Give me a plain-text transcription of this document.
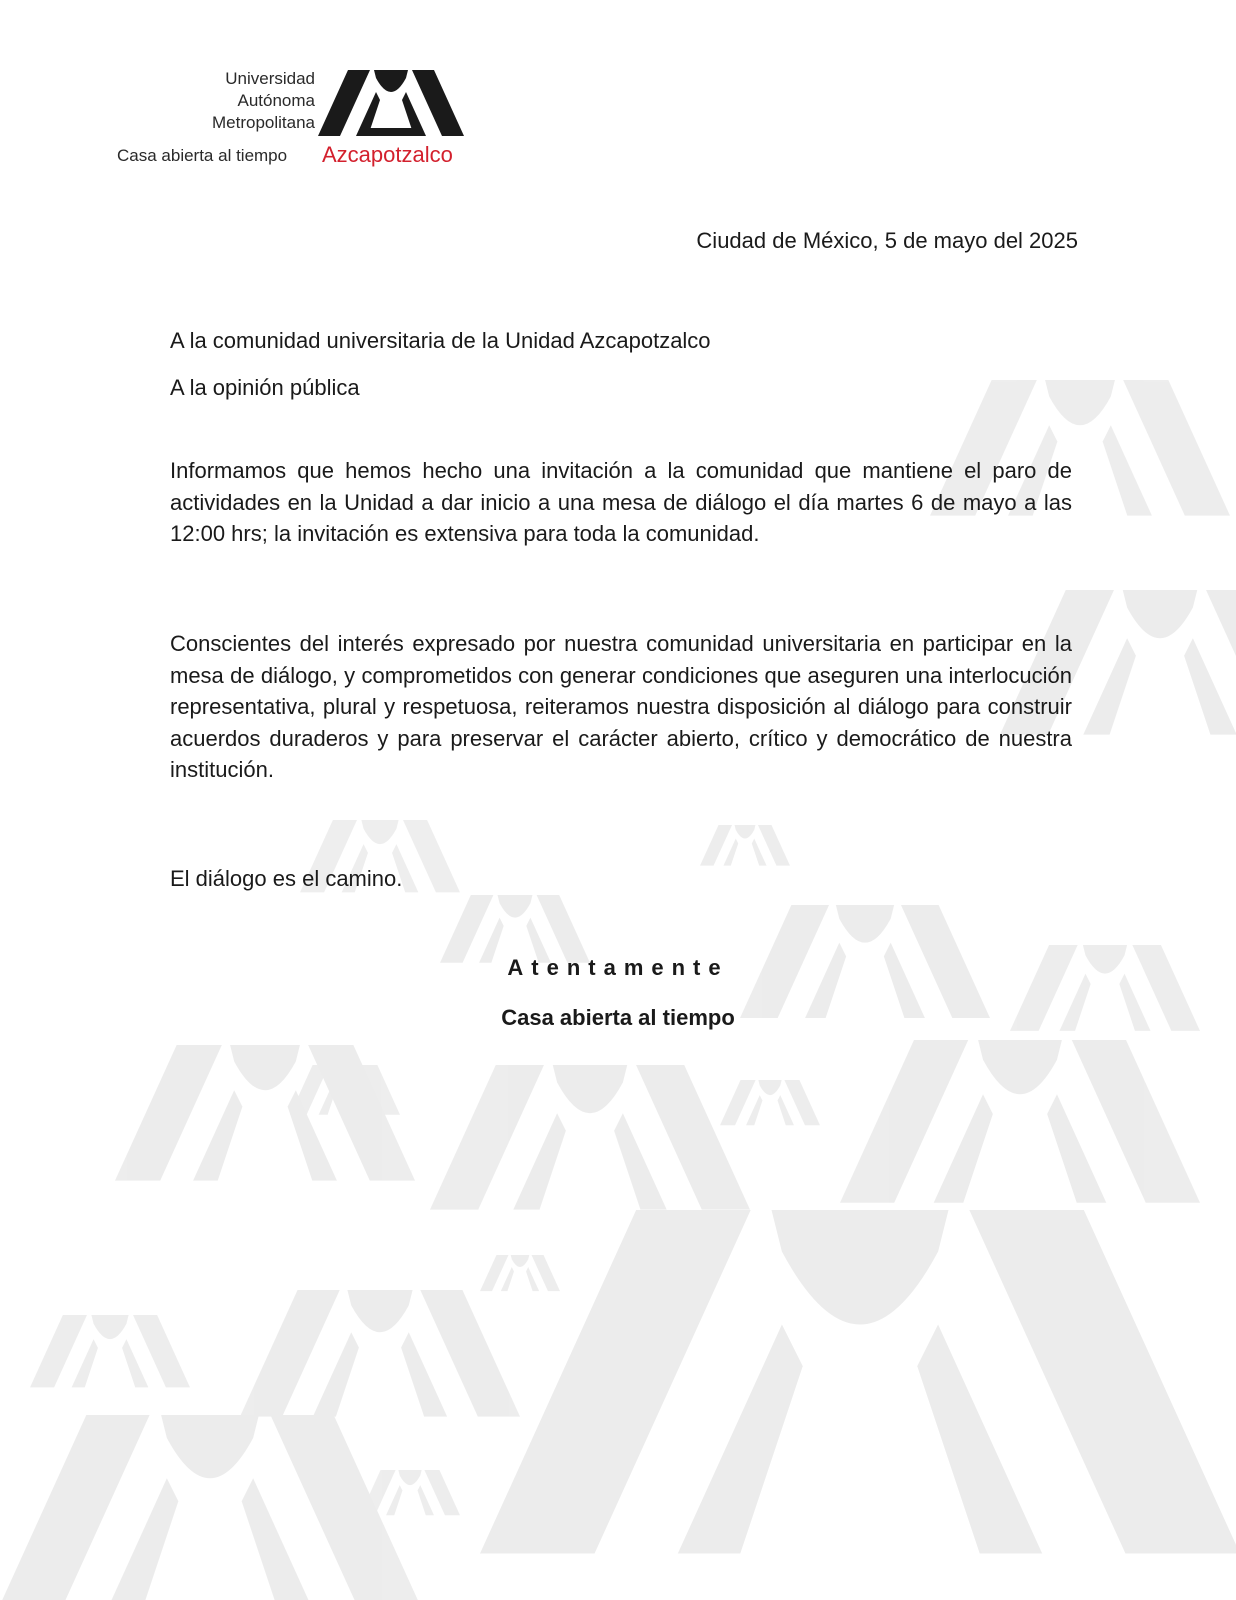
Universidad
Autónoma
Metropolitana
Casa abierta al tiempo Azcapotzalco
Ciudad de México, 5 de mayo del 2025
A la comunidad universitaria de la Unidad Azcapotzalco
A la opinión pública
Informamos que hemos hecho una invitación a la comunidad que mantiene el paro de actividades en la Unidad a dar inicio a una mesa de diálogo el día martes 6 de mayo a las 12:00 hrs; la invitación es extensiva para toda la comunidad.
Conscientes del interés expresado por nuestra comunidad universitaria en participar en la mesa de diálogo, y comprometidos con generar condiciones que aseguren una interlocución representativa, plural y respetuosa, reiteramos nuestra disposición al diálogo para construir acuerdos duraderos y para preservar el carácter abierto, crítico y democrático de nuestra institución.
El diálogo es el camino.
Atentamente
Casa abierta al tiempo
